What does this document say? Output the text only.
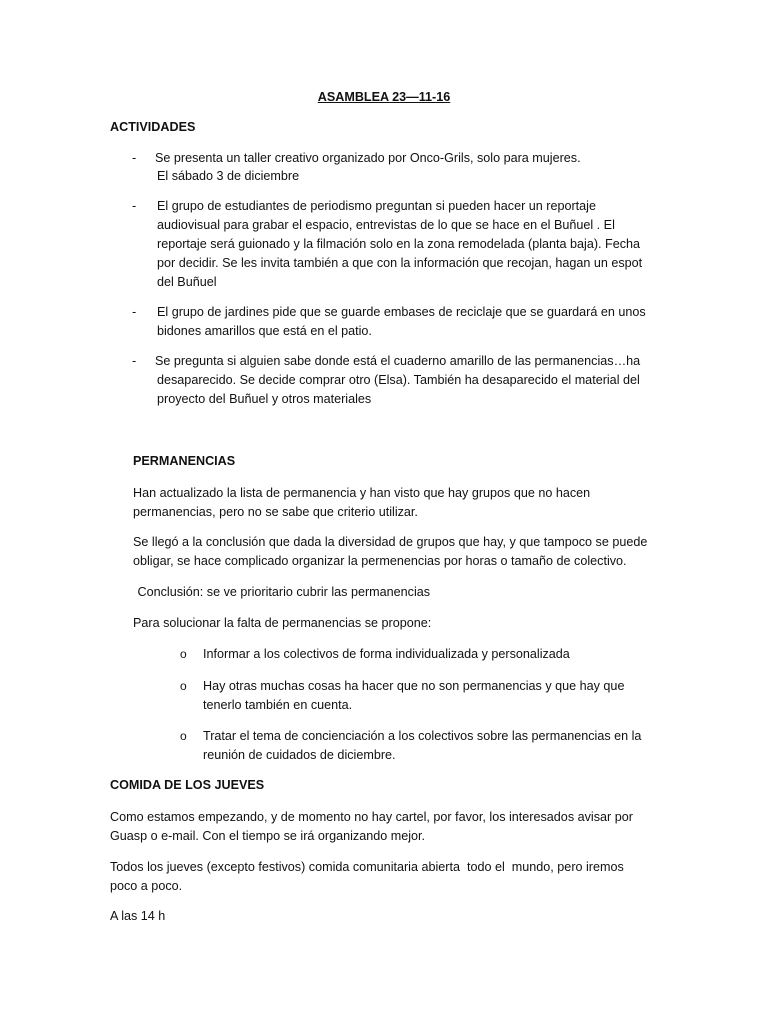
ASAMBLEA 23—11-16
ACTIVIDADES
- Se presenta un taller creativo organizado por Onco-Grils, solo para mujeres.
El sábado 3 de diciembre
- El grupo de estudiantes de periodismo preguntan si pueden hacer un reportaje
audiovisual para grabar el espacio, entrevistas de lo que se hace en el Buñuel . El
reportaje será guionado y la filmación solo en la zona remodelada (planta baja). Fecha
por decidir. Se les invita también a que con la información que recojan, hagan un espot
del Buñuel
- El grupo de jardines pide que se guarde embases de reciclaje que se guardará en unos
bidones amarillos que está en el patio.
- Se pregunta si alguien sabe donde está el cuaderno amarillo de las permanencias…ha
desaparecido. Se decide comprar otro (Elsa). También ha desaparecido el material del
proyecto del Buñuel y otros materiales
PERMANENCIAS
Han actualizado la lista de permanencia y han visto que hay grupos que no hacen
permanencias, pero no se sabe que criterio utilizar.
Se llegó a la conclusión que dada la diversidad de grupos que hay, y que tampoco se puede
obligar, se hace complicado organizar la permenencias por horas o tamaño de colectivo.
Conclusión: se ve prioritario cubrir las permanencias
Para solucionar la falta de permanencias se propone:
o Informar a los colectivos de forma individualizada y personalizada
o Hay otras muchas cosas ha hacer que no son permanencias y que hay que
tenerlo también en cuenta.
o Tratar el tema de concienciación a los colectivos sobre las permanencias en la
reunión de cuidados de diciembre.
COMIDA DE LOS JUEVES
Como estamos empezando, y de momento no hay cartel, por favor, los interesados avisar por
Guasp o e-mail. Con el tiempo se irá organizando mejor.
Todos los jueves (excepto festivos) comida comunitaria abierta  todo el  mundo, pero iremos
poco a poco.
A las 14 h
